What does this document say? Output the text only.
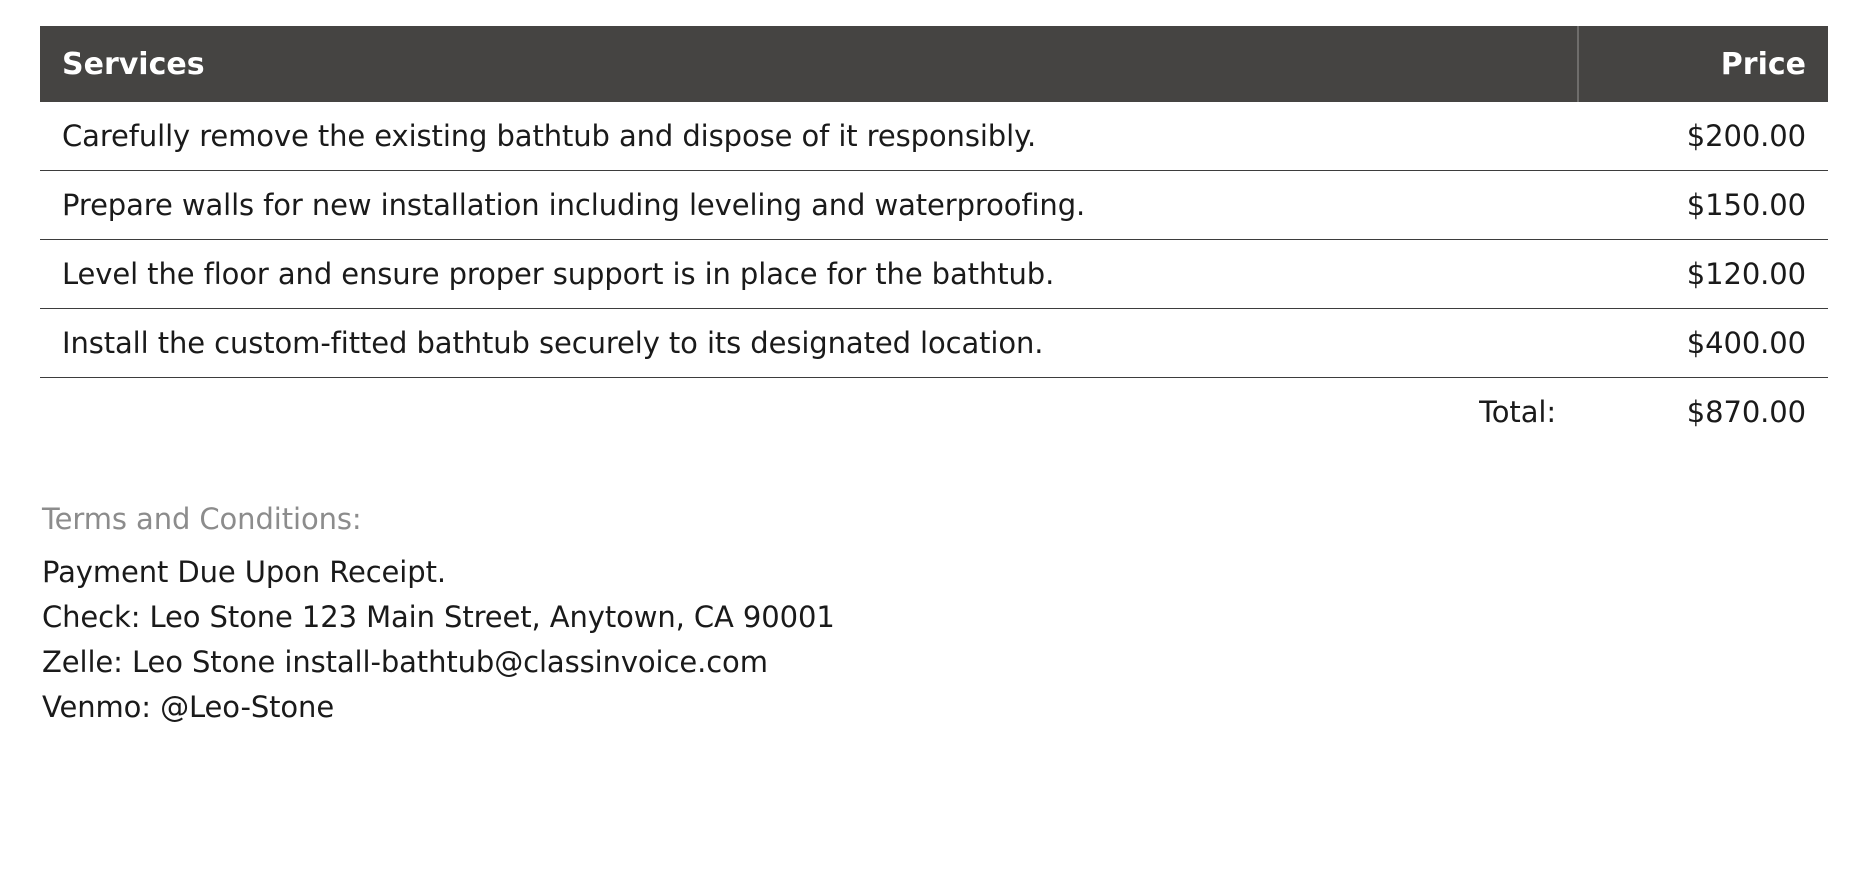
Services	Price
Carefully remove the existing bathtub and dispose of it responsibly.	$200.00
Prepare walls for new installation including leveling and waterproofing.	$150.00
Level the floor and ensure proper support is in place for the bathtub.	$120.00
Install the custom-fitted bathtub securely to its designated location.	$400.00
Total:	$870.00
Terms and Conditions:
Payment Due Upon Receipt.
Check: Leo Stone 123 Main Street, Anytown, CA 90001
Zelle: Leo Stone install-bathtub@classinvoice.com
Venmo: @Leo-Stone
